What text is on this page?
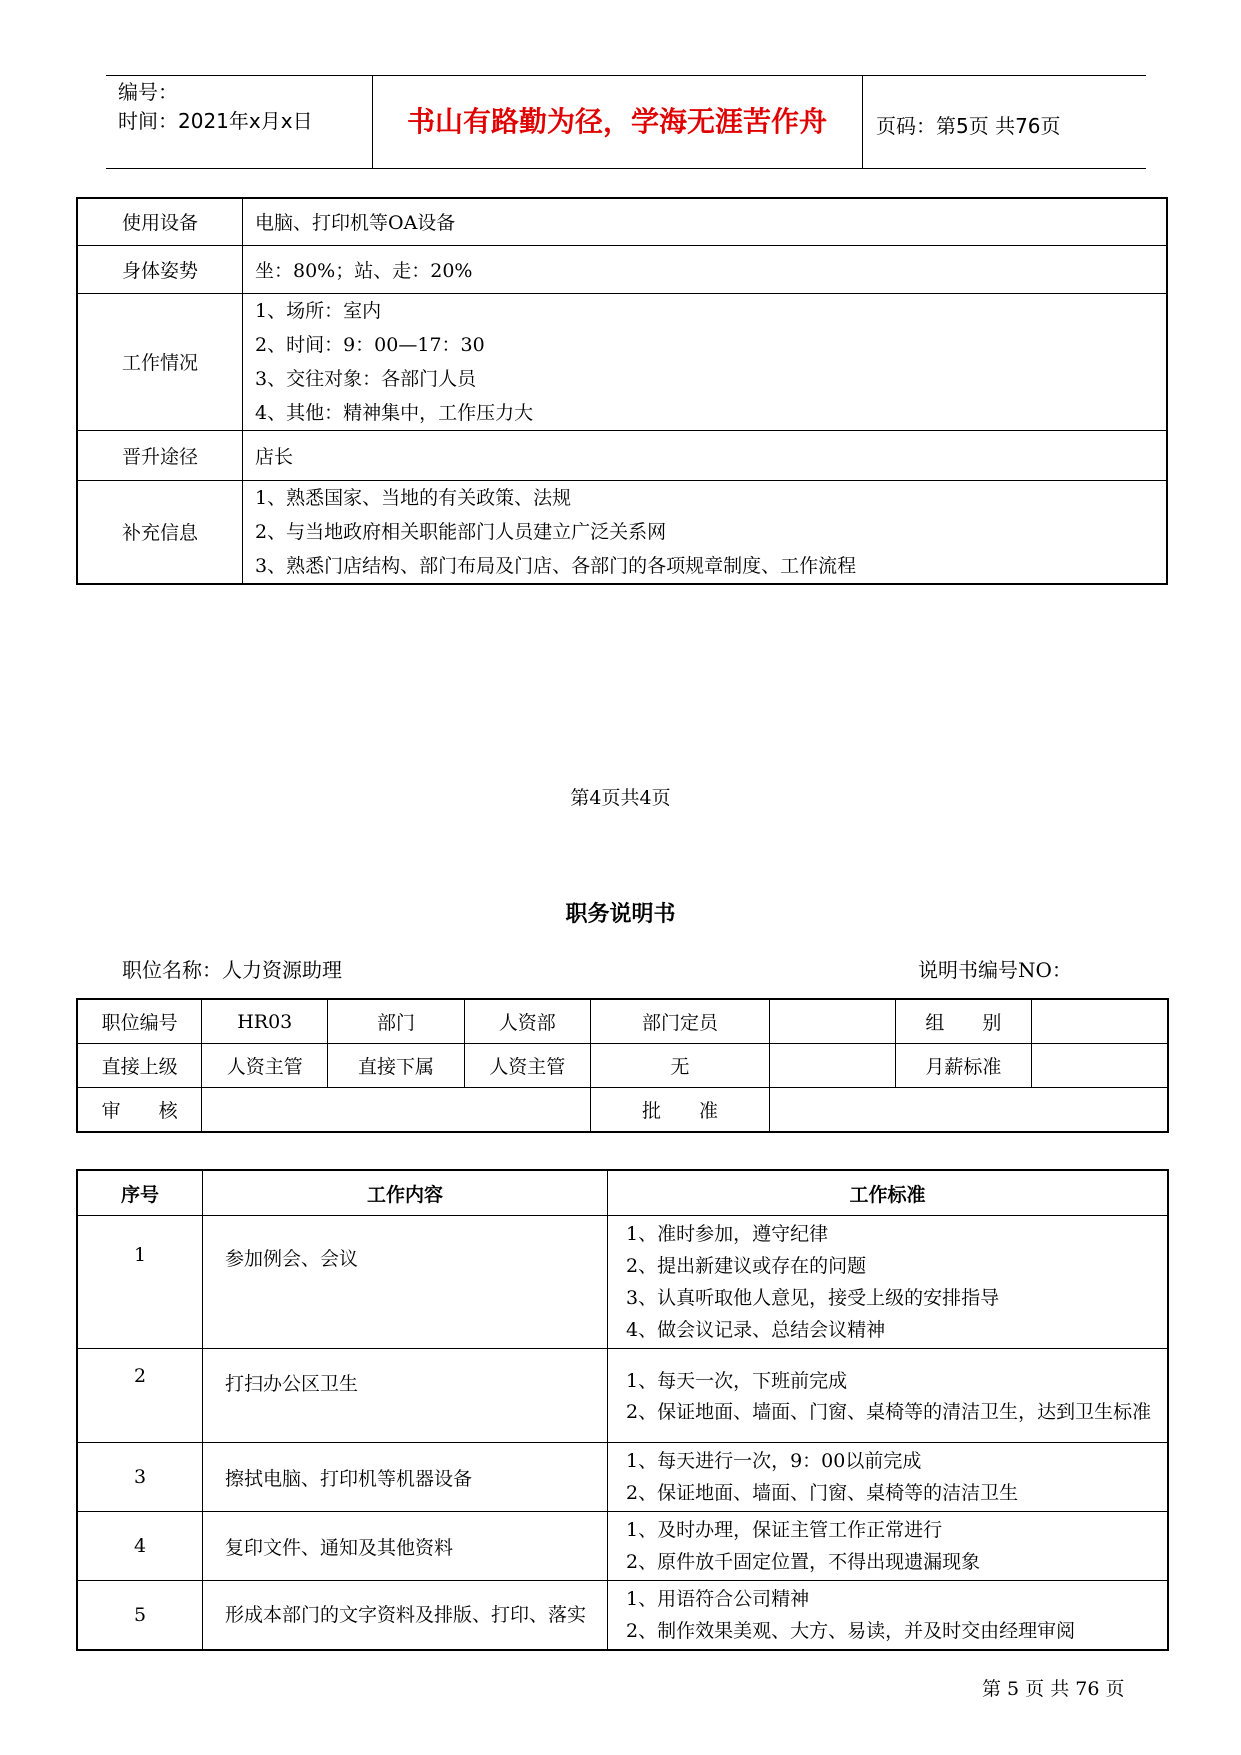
编号：
时间：2021年x月x日	书山有路勤为径，学海无涯苦作舟	页码：第5页 共76页
使用设备	电脑、打印机等OA设备
身体姿势	坐：80%；站、走：20%
工作情况	1、场所：室内
2、时间：9：00—17：30
3、交往对象：各部门人员
4、其他：精神集中，工作压力大

晋升途径	店长
补充信息	1、熟悉国家、当地的有关政策、法规
2、与当地政府相关职能部门人员建立广泛关系网
3、熟悉门店结构、部门布局及门店、各部门的各项规章制度、工作流程
第4页共4页
职务说明书
职位名称：人力资源助理	说明书编号NO：
职位编号	HR03	部门	人资部	部门定员		组　　别	
直接上级	人资主管	直接下属	人资主管	无		月薪标准	
审　　核				批　　准			
序号	工作内容	工作标准
1	参加例会、会议	1、准时参加，遵守纪律
2、提出新建议或存在的问题
3、认真听取他人意见，接受上级的安排指导
4、做会议记录、总结会议精神

2	打扫办公区卫生	1、每天一次，下班前完成
2、保证地面、墙面、门窗、桌椅等的清洁卫生，达到卫生标准

3	擦拭电脑、打印机等机器设备	1、每天进行一次，9：00以前完成
2、保证地面、墙面、门窗、桌椅等的洁洁卫生

4	复印文件、通知及其他资料	1、及时办理，保证主管工作正常进行
2、原件放千固定位置，不得出现遗漏现象

5	形成本部门的文字资料及排版、打印、落实	1、用语符合公司精神
2、制作效果美观、大方、易读，并及时交由经理审阅
第 5 页 共 76 页
